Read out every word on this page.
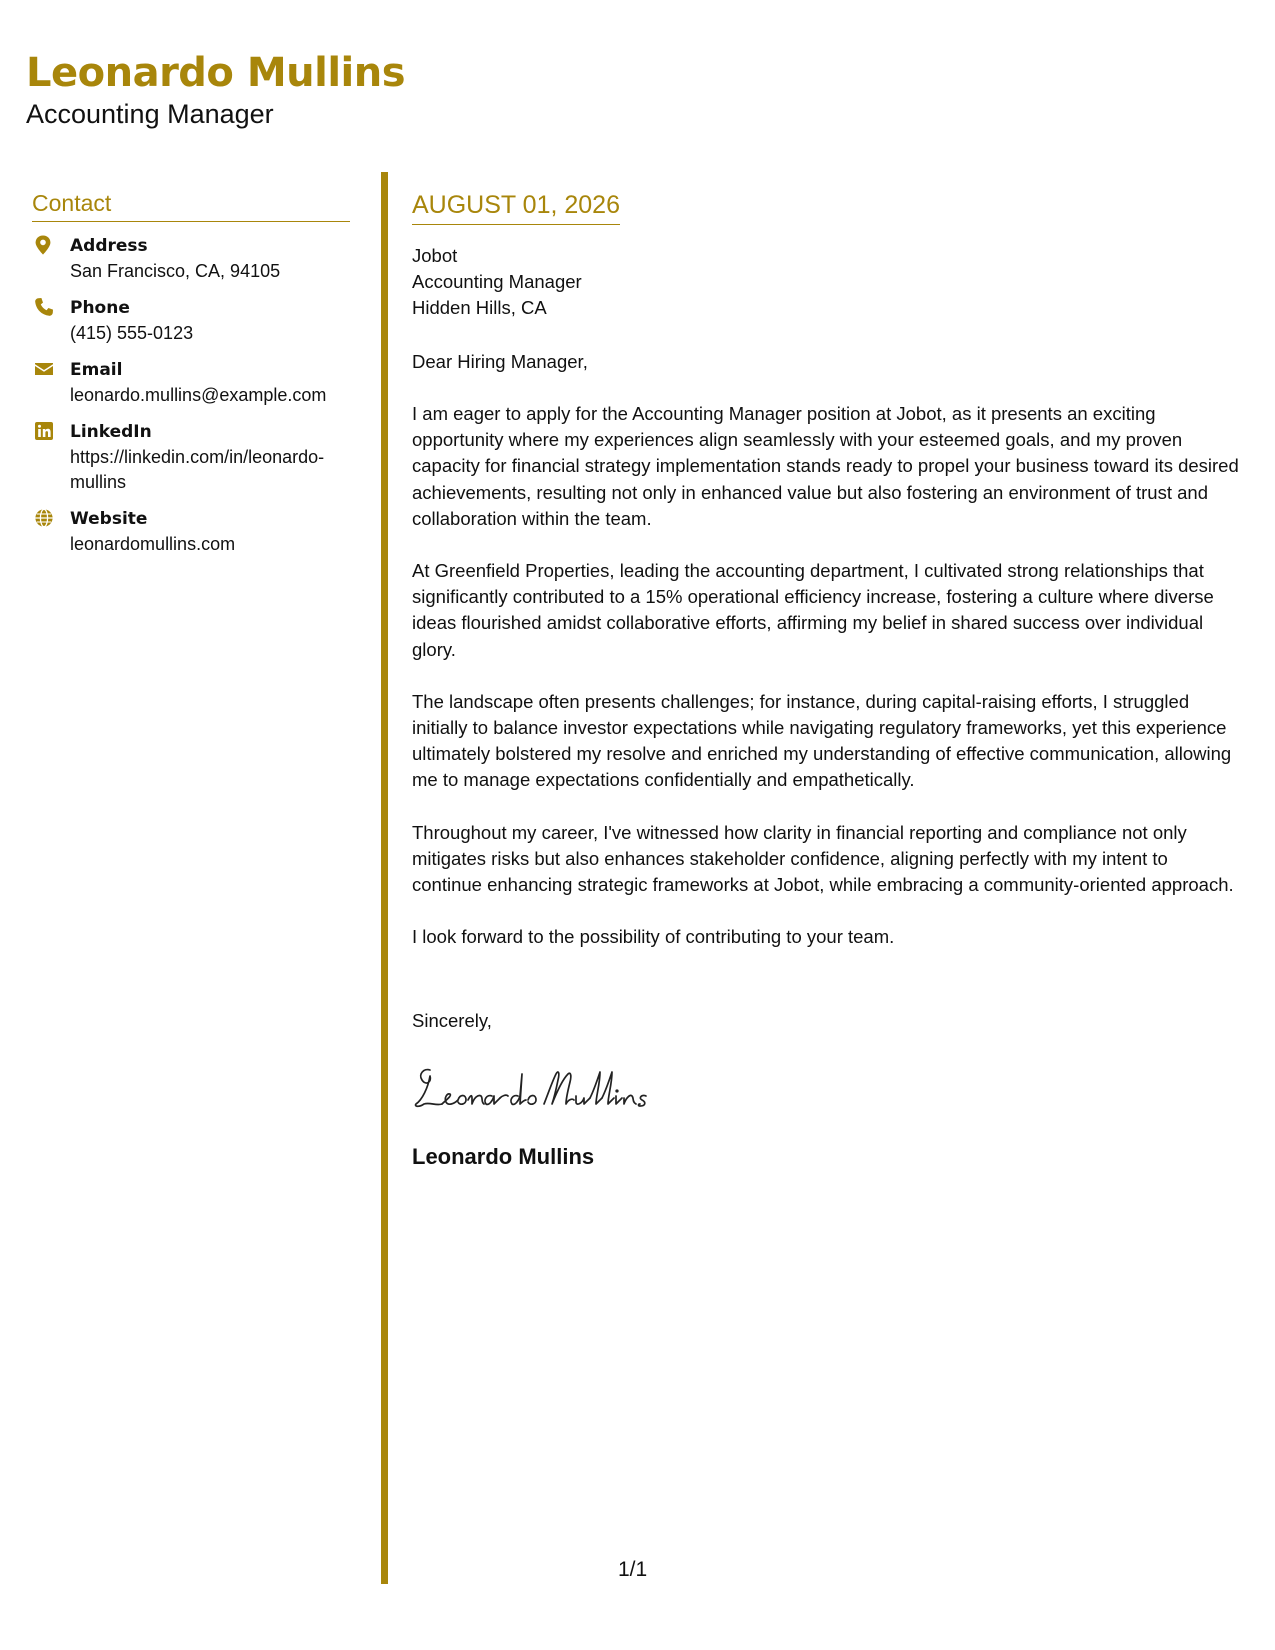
Leonardo Mullins
Accounting Manager
Contact
Address
San Francisco, CA, 94105
Phone
(415) 555-0123
Email
leonardo.mullins@example.com
LinkedIn
https://linkedin.com/in/leonardo-mullins
Website
leonardomullins.com
AUGUST 01, 2026
Jobot
Accounting Manager
Hidden Hills, CA

Dear Hiring Manager,

I am eager to apply for the Accounting Manager position at Jobot, as it presents an exciting opportunity where my experiences align seamlessly with your esteemed goals, and my proven capacity for financial strategy implementation stands ready to propel your business toward its desired achievements, resulting not only in enhanced value but also fostering an environment of trust and collaboration within the team.

At Greenfield Properties, leading the accounting department, I cultivated strong relationships that significantly contributed to a 15% operational efficiency increase, fostering a culture where diverse ideas flourished amidst collaborative efforts, affirming my belief in shared success over individual glory.

The landscape often presents challenges; for instance, during capital-raising efforts, I struggled initially to balance investor expectations while navigating regulatory frameworks, yet this experience ultimately bolstered my resolve and enriched my understanding of effective communication, allowing me to manage expectations confidentially and empathetically.

Throughout my career, I've witnessed how clarity in financial reporting and compliance not only mitigates risks but also enhances stakeholder confidence, aligning perfectly with my intent to continue enhancing strategic frameworks at Jobot, while embracing a community-oriented approach.

I look forward to the possibility of contributing to your team.

Sincerely,

Leonardo Mullins
1/1
